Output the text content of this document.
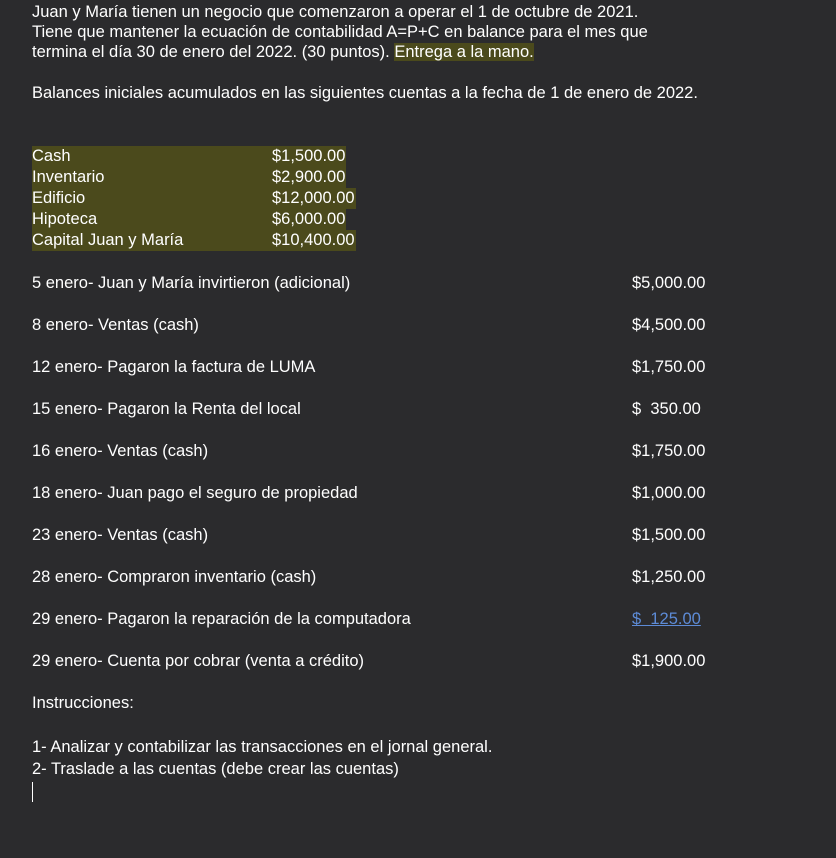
Juan y María tienen un negocio que comenzaron a operar el 1 de octubre de 2021.

Tiene que mantener la ecuación de contabilidad A=P+C en balance para el mes que

termina el día 30 de enero del 2022. (30 puntos). Entrega a la mano.

Balances iniciales acumulados en las siguientes cuentas a la fecha de 1 de enero de 2022.
Cash	$1,500.00
Inventario	$2,900.00
Edificio	$12,000.00
Hipoteca	$6,000.00
Capital Juan y María	$10,400.00
5 enero- Juan y María invirtieron (adicional)	$5,000.00
8 enero- Ventas (cash)	$4,500.00
12 enero- Pagaron la factura de LUMA	$1,750.00
15 enero- Pagaron la Renta del local	$  350.00
16 enero- Ventas (cash)	$1,750.00
18 enero- Juan pago el seguro de propiedad	$1,000.00
23 enero- Ventas (cash)	$1,500.00
28 enero- Compraron inventario (cash)	$1,250.00
29 enero- Pagaron la reparación de la computadora	$  125.00
29 enero- Cuenta por cobrar (venta a crédito)	$1,900.00
Instrucciones:
1- Analizar y contabilizar las transacciones en el jornal general.
2- Traslade a las cuentas (debe crear las cuentas)
